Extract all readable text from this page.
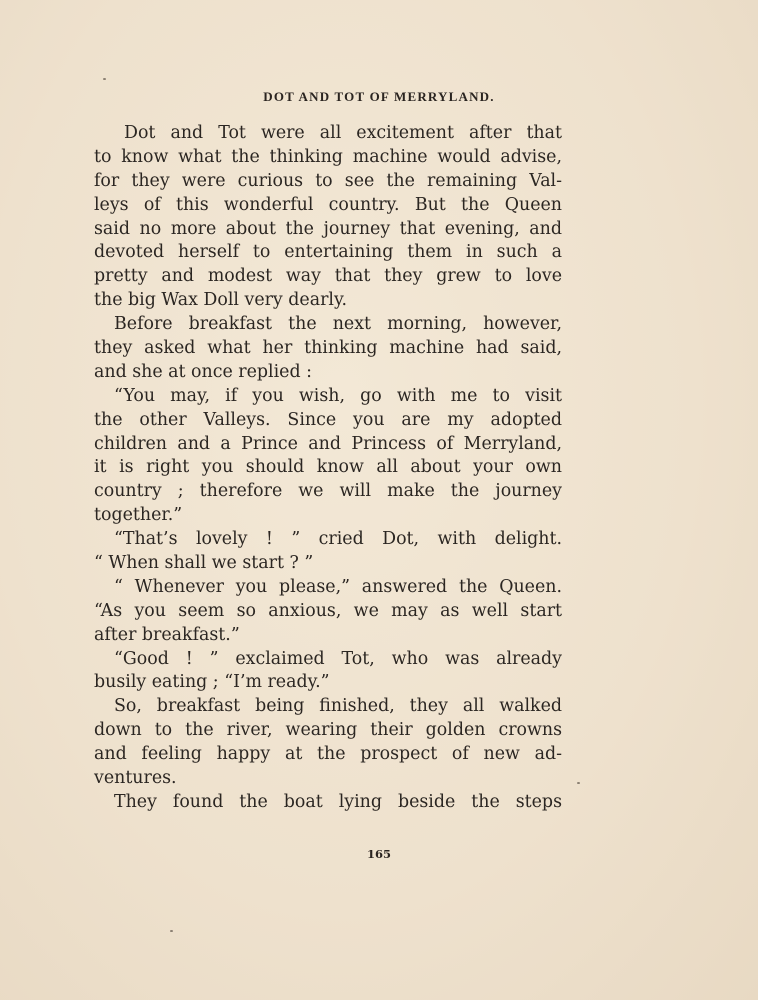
DOT AND TOT OF MERRYLAND.
Dot and Tot were all excitement after that
to know what the thinking machine would advise,
for they were curious to see the remaining Val-
leys of this wonderful country. But the Queen
said no more about the journey that evening, and
devoted herself to entertaining them in such a
pretty and modest way that they grew to love
the big Wax Doll very dearly.
Before breakfast the next morning, however,
they asked what her thinking machine had said,
and she at once replied :
“You may, if you wish, go with me to visit
the other Valleys. Since you are my adopted
children and a Prince and Princess of Merryland,
it is right you should know all about your own
country ; therefore we will make the journey
together.”
“That’s lovely ! ” cried Dot, with delight.
“ When shall we start ? ”
“ Whenever you please,” answered the Queen.
“As you seem so anxious, we may as well start
after breakfast.”
“Good ! ” exclaimed Tot, who was already
busily eating ; “I’m ready.”
So, breakfast being finished, they all walked
down to the river, wearing their golden crowns
and feeling happy at the prospect of new ad-
ventures.
They found the boat lying beside the steps
165
